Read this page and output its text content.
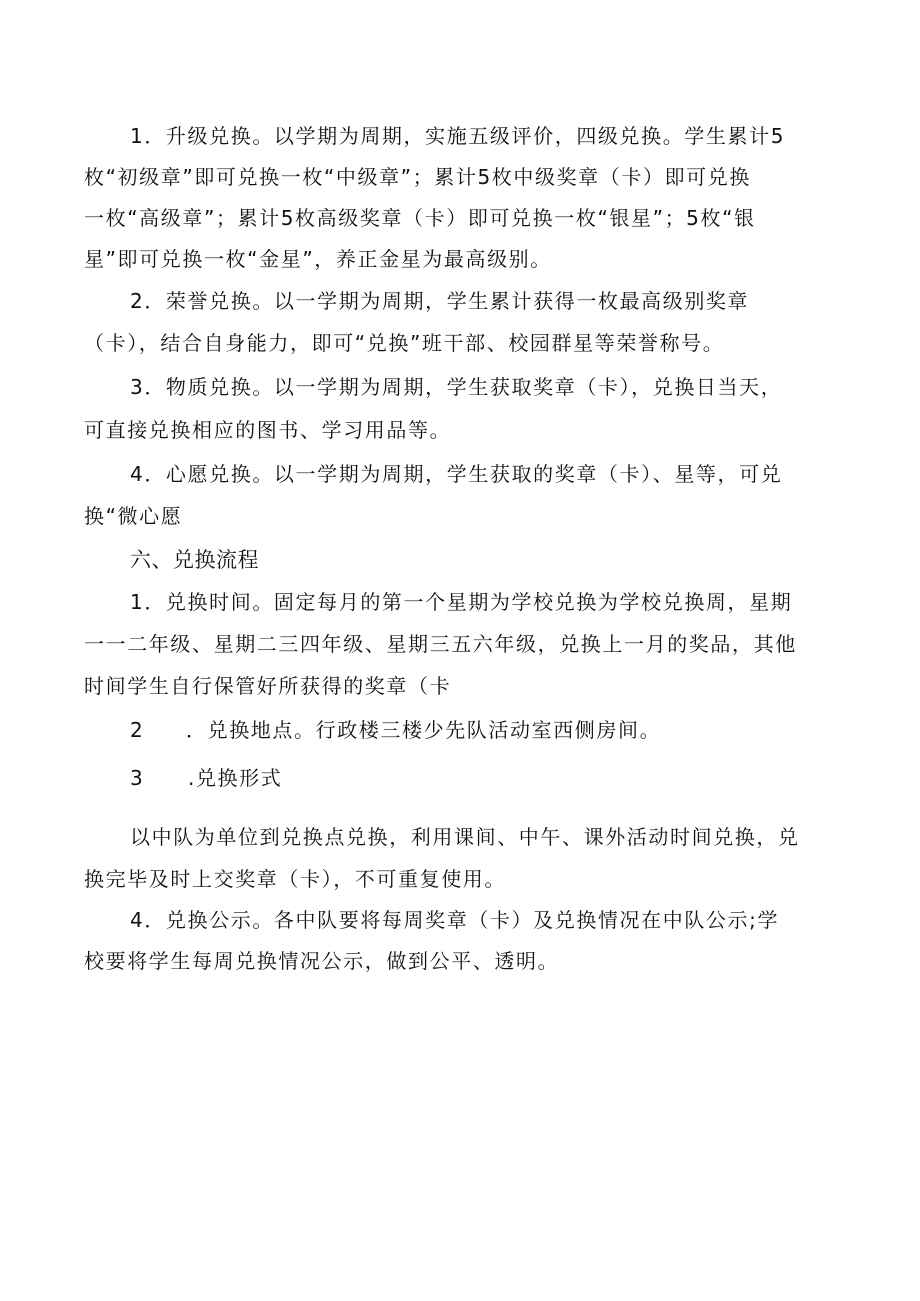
1．升级兑换。以学期为周期，实施五级评价，四级兑换。学生累计5

枚“初级章”即可兑换一枚“中级章”；累计5枚中级奖章（卡）即可兑换

一枚“高级章”；累计5枚高级奖章（卡）即可兑换一枚“银星”；5枚“银

星”即可兑换一枚“金星”，养正金星为最高级别。

2．荣誉兑换。以一学期为周期，学生累计获得一枚最高级别奖章

（卡），结合自身能力，即可“兑换”班干部、校园群星等荣誉称号。

3．物质兑换。以一学期为周期，学生获取奖章（卡），兑换日当天，

可直接兑换相应的图书、学习用品等。

4．心愿兑换。以一学期为周期，学生获取的奖章（卡）、星等，可兑

换“微心愿

六、兑换流程

1．兑换时间。固定每月的第一个星期为学校兑换为学校兑换周，星期

一一二年级、星期二三四年级、星期三五六年级，兑换上一月的奖品，其他

时间学生自行保管好所获得的奖章（卡

2 ．兑换地点。行政楼三楼少先队活动室西侧房间。

3 .兑换形式

以中队为单位到兑换点兑换，利用课间、中午、课外活动时间兑换，兑

换完毕及时上交奖章（卡），不可重复使用。

4．兑换公示。各中队要将每周奖章（卡）及兑换情况在中队公示;学

校要将学生每周兑换情况公示，做到公平、透明。
